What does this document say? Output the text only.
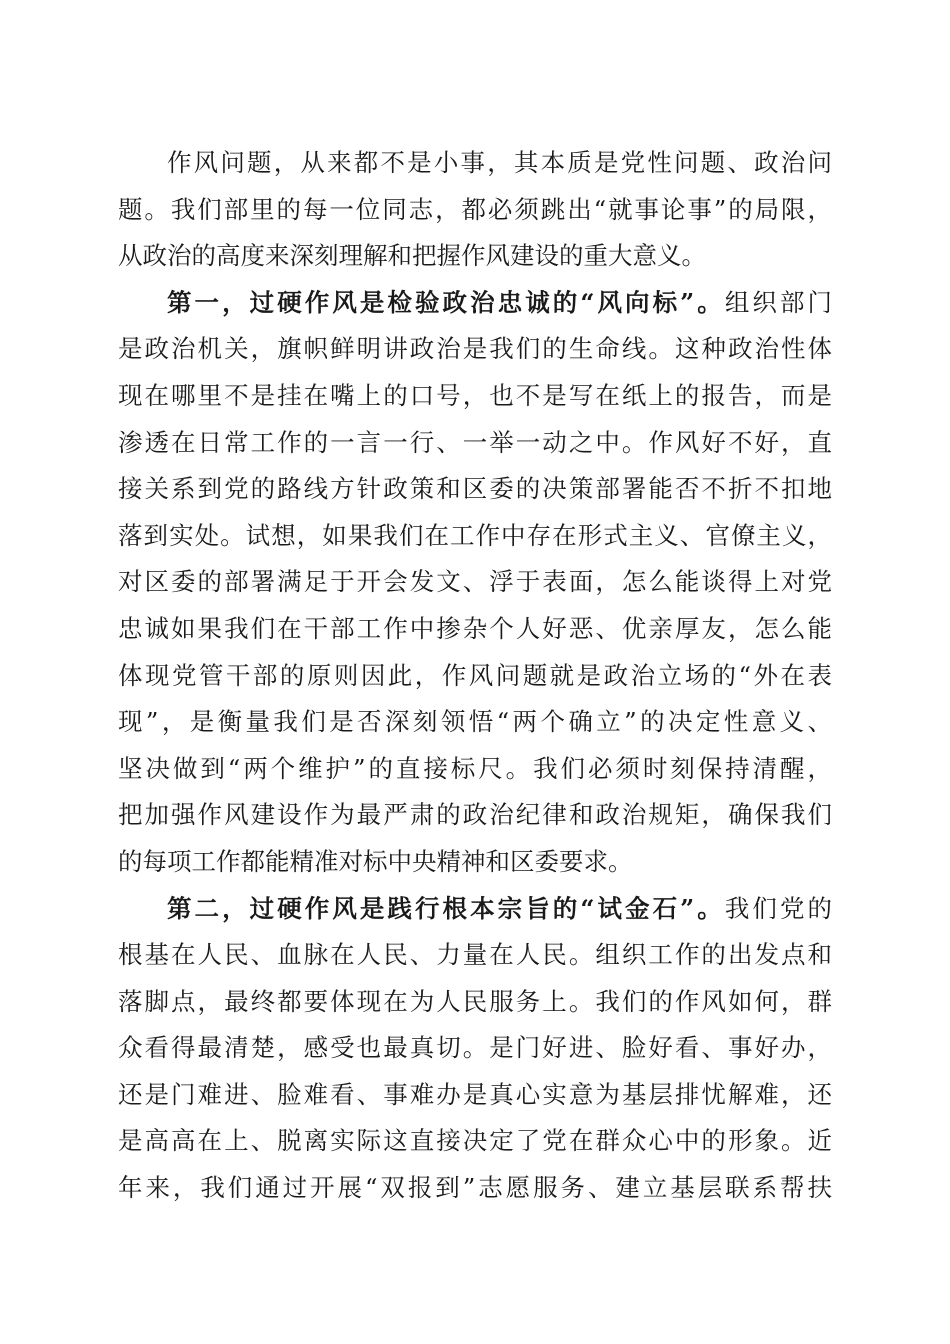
作风问题，从来都不是小事，其本质是党性问题、政治问
题。我们部里的每一位同志，都必须跳出“就事论事”的局限，
从政治的高度来深刻理解和把握作风建设的重大意义。
第一，过硬作风是检验政治忠诚的“风向标”。组织部门
是政治机关，旗帜鲜明讲政治是我们的生命线。这种政治性体
现在哪里不是挂在嘴上的口号，也不是写在纸上的报告，而是
渗透在日常工作的一言一行、一举一动之中。作风好不好，直
接关系到党的路线方针政策和区委的决策部署能否不折不扣地
落到实处。试想，如果我们在工作中存在形式主义、官僚主义，
对区委的部署满足于开会发文、浮于表面，怎么能谈得上对党
忠诚如果我们在干部工作中掺杂个人好恶、优亲厚友，怎么能
体现党管干部的原则因此，作风问题就是政治立场的“外在表
现”，是衡量我们是否深刻领悟“两个确立”的决定性意义、
坚决做到“两个维护”的直接标尺。我们必须时刻保持清醒，
把加强作风建设作为最严肃的政治纪律和政治规矩，确保我们
的每项工作都能精准对标中央精神和区委要求。
第二，过硬作风是践行根本宗旨的“试金石”。我们党的
根基在人民、血脉在人民、力量在人民。组织工作的出发点和
落脚点，最终都要体现在为人民服务上。我们的作风如何，群
众看得最清楚，感受也最真切。是门好进、脸好看、事好办，
还是门难进、脸难看、事难办是真心实意为基层排忧解难，还
是高高在上、脱离实际这直接决定了党在群众心中的形象。近
年来，我们通过开展“双报到”志愿服务、建立基层联系帮扶
